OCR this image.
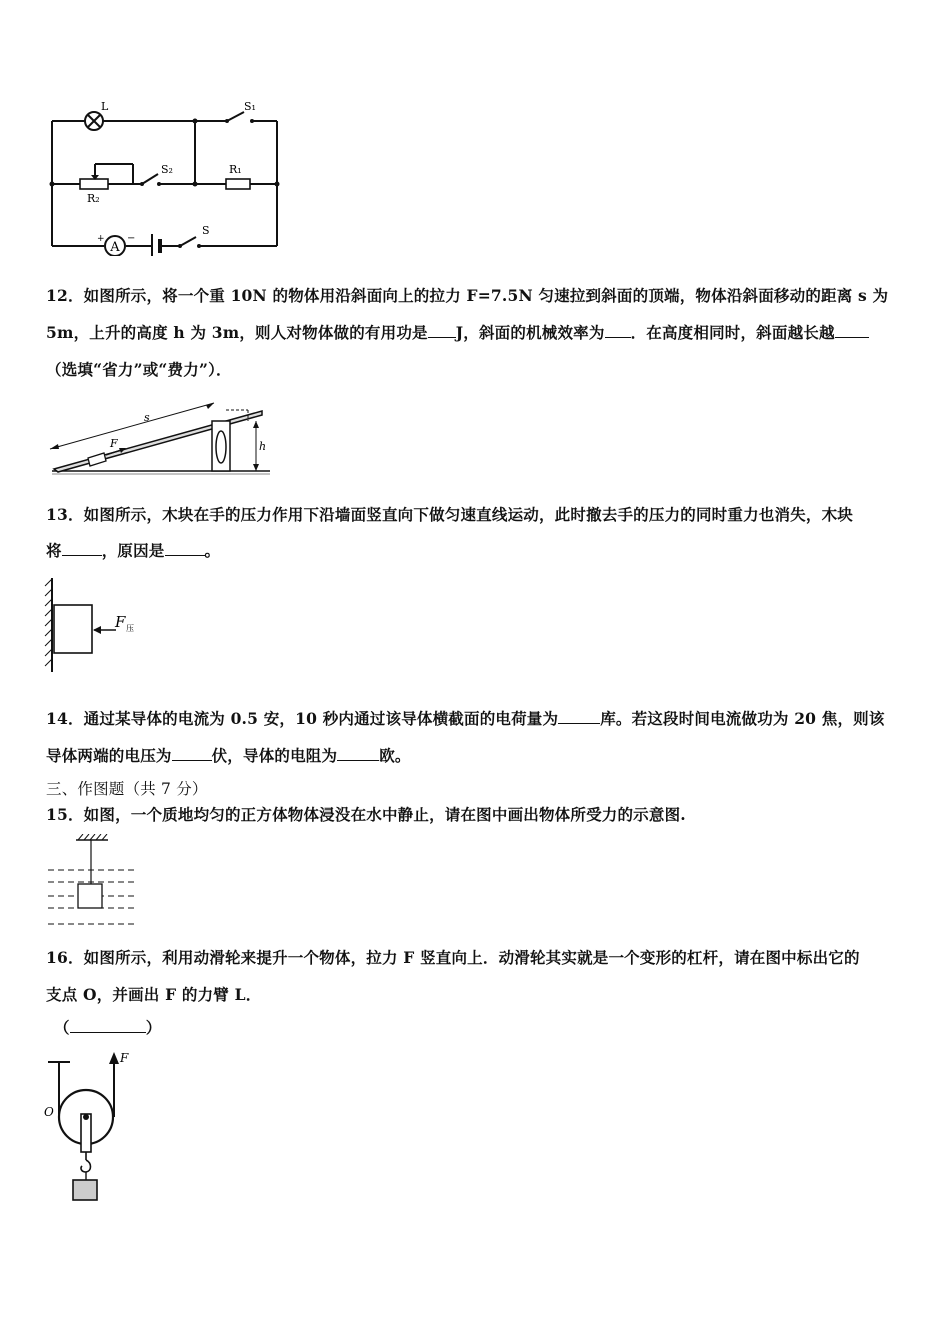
A
L	S₁
S₂	R₁
R₂
S
+ −
12．如图所示，将一个重 10N 的物体用沿斜面向上的拉力 F=7.5N 匀速拉到斜面的顶端，物体沿斜面移动的距离 s 为
5m，上升的高度 h 为 3m，则人对物体做的有用功是 J，斜面的机械效率为 ．在高度相同时，斜面越长越
（选填“省力”或“费力”）．
h
s
F
13．如图所示，木块在手的压力作用下沿墙面竖直向下做匀速直线运动，此时撤去手的压力的同时重力也消失，木块
将	，原因是	。
F 压
14．通过某导体的电流为 0.5 安，10 秒内通过该导体横截面的电荷量为	库。若这段时间电流做功为 20 焦，则该
导体两端的电压为	伏，导体的电阻为	欧。
三、作图题（共 7 分）
15．如图，一个质地均匀的正方体物体浸没在水中静止，请在图中画出物体所受力的示意图.
16．如图所示，利用动滑轮来提升一个物体，拉力 F 竖直向上．动滑轮其实就是一个变形的杠杆，请在图中标出它的
支点 O，并画出 F 的力臂 L．
（	）
F
O
